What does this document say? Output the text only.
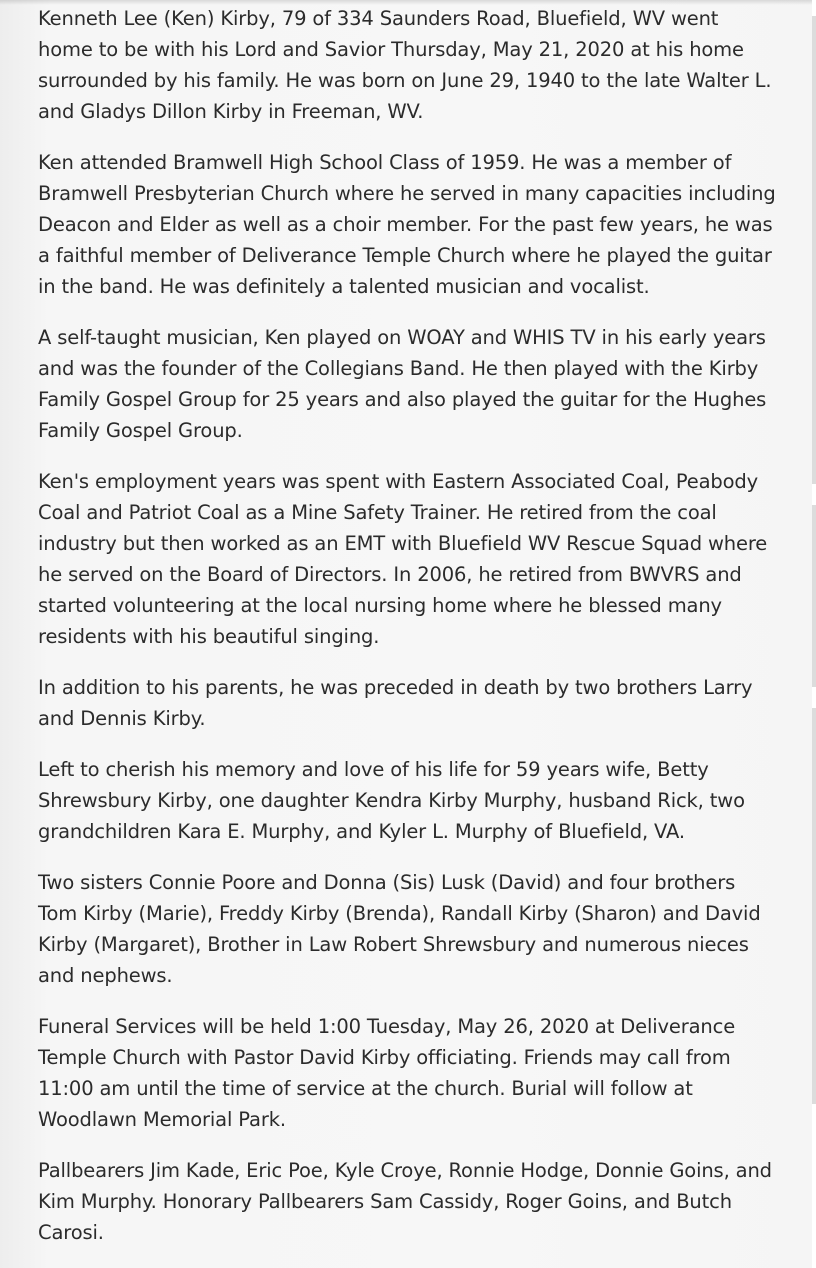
Kenneth Lee (Ken) Kirby, 79 of 334 Saunders Road, Bluefield, WV went home to be with his Lord and Savior Thursday, May 21, 2020 at his home surrounded by his family. He was born on June 29, 1940 to the late Walter L. and Gladys Dillon Kirby in Freeman, WV.

Ken attended Bramwell High School Class of 1959. He was a member of Bramwell Presbyterian Church where he served in many capacities including Deacon and Elder as well as a choir member. For the past few years, he was a faithful member of Deliverance Temple Church where he played the guitar in the band. He was definitely a talented musician and vocalist.

A self-taught musician, Ken played on WOAY and WHIS TV in his early years and was the founder of the Collegians Band. He then played with the Kirby Family Gospel Group for 25 years and also played the guitar for the Hughes Family Gospel Group.

Ken's employment years was spent with Eastern Associated Coal, Peabody Coal and Patriot Coal as a Mine Safety Trainer. He retired from the coal industry but then worked as an EMT with Bluefield WV Rescue Squad where he served on the Board of Directors. In 2006, he retired from BWVRS and started volunteering at the local nursing home where he blessed many residents with his beautiful singing.

In addition to his parents, he was preceded in death by two brothers Larry and Dennis Kirby.

Left to cherish his memory and love of his life for 59 years wife, Betty Shrewsbury Kirby, one daughter Kendra Kirby Murphy, husband Rick, two grandchildren Kara E. Murphy, and Kyler L. Murphy of Bluefield, VA.

Two sisters Connie Poore and Donna (Sis) Lusk (David) and four brothers Tom Kirby (Marie), Freddy Kirby (Brenda), Randall Kirby (Sharon) and David Kirby (Margaret), Brother in Law Robert Shrewsbury and numerous nieces and nephews.

Funeral Services will be held 1:00 Tuesday, May 26, 2020 at Deliverance Temple Church with Pastor David Kirby officiating. Friends may call from 11:00 am until the time of service at the church. Burial will follow at Woodlawn Memorial Park.

Pallbearers Jim Kade, Eric Poe, Kyle Croye, Ronnie Hodge, Donnie Goins, and Kim Murphy. Honorary Pallbearers Sam Cassidy, Roger Goins, and Butch Carosi.
